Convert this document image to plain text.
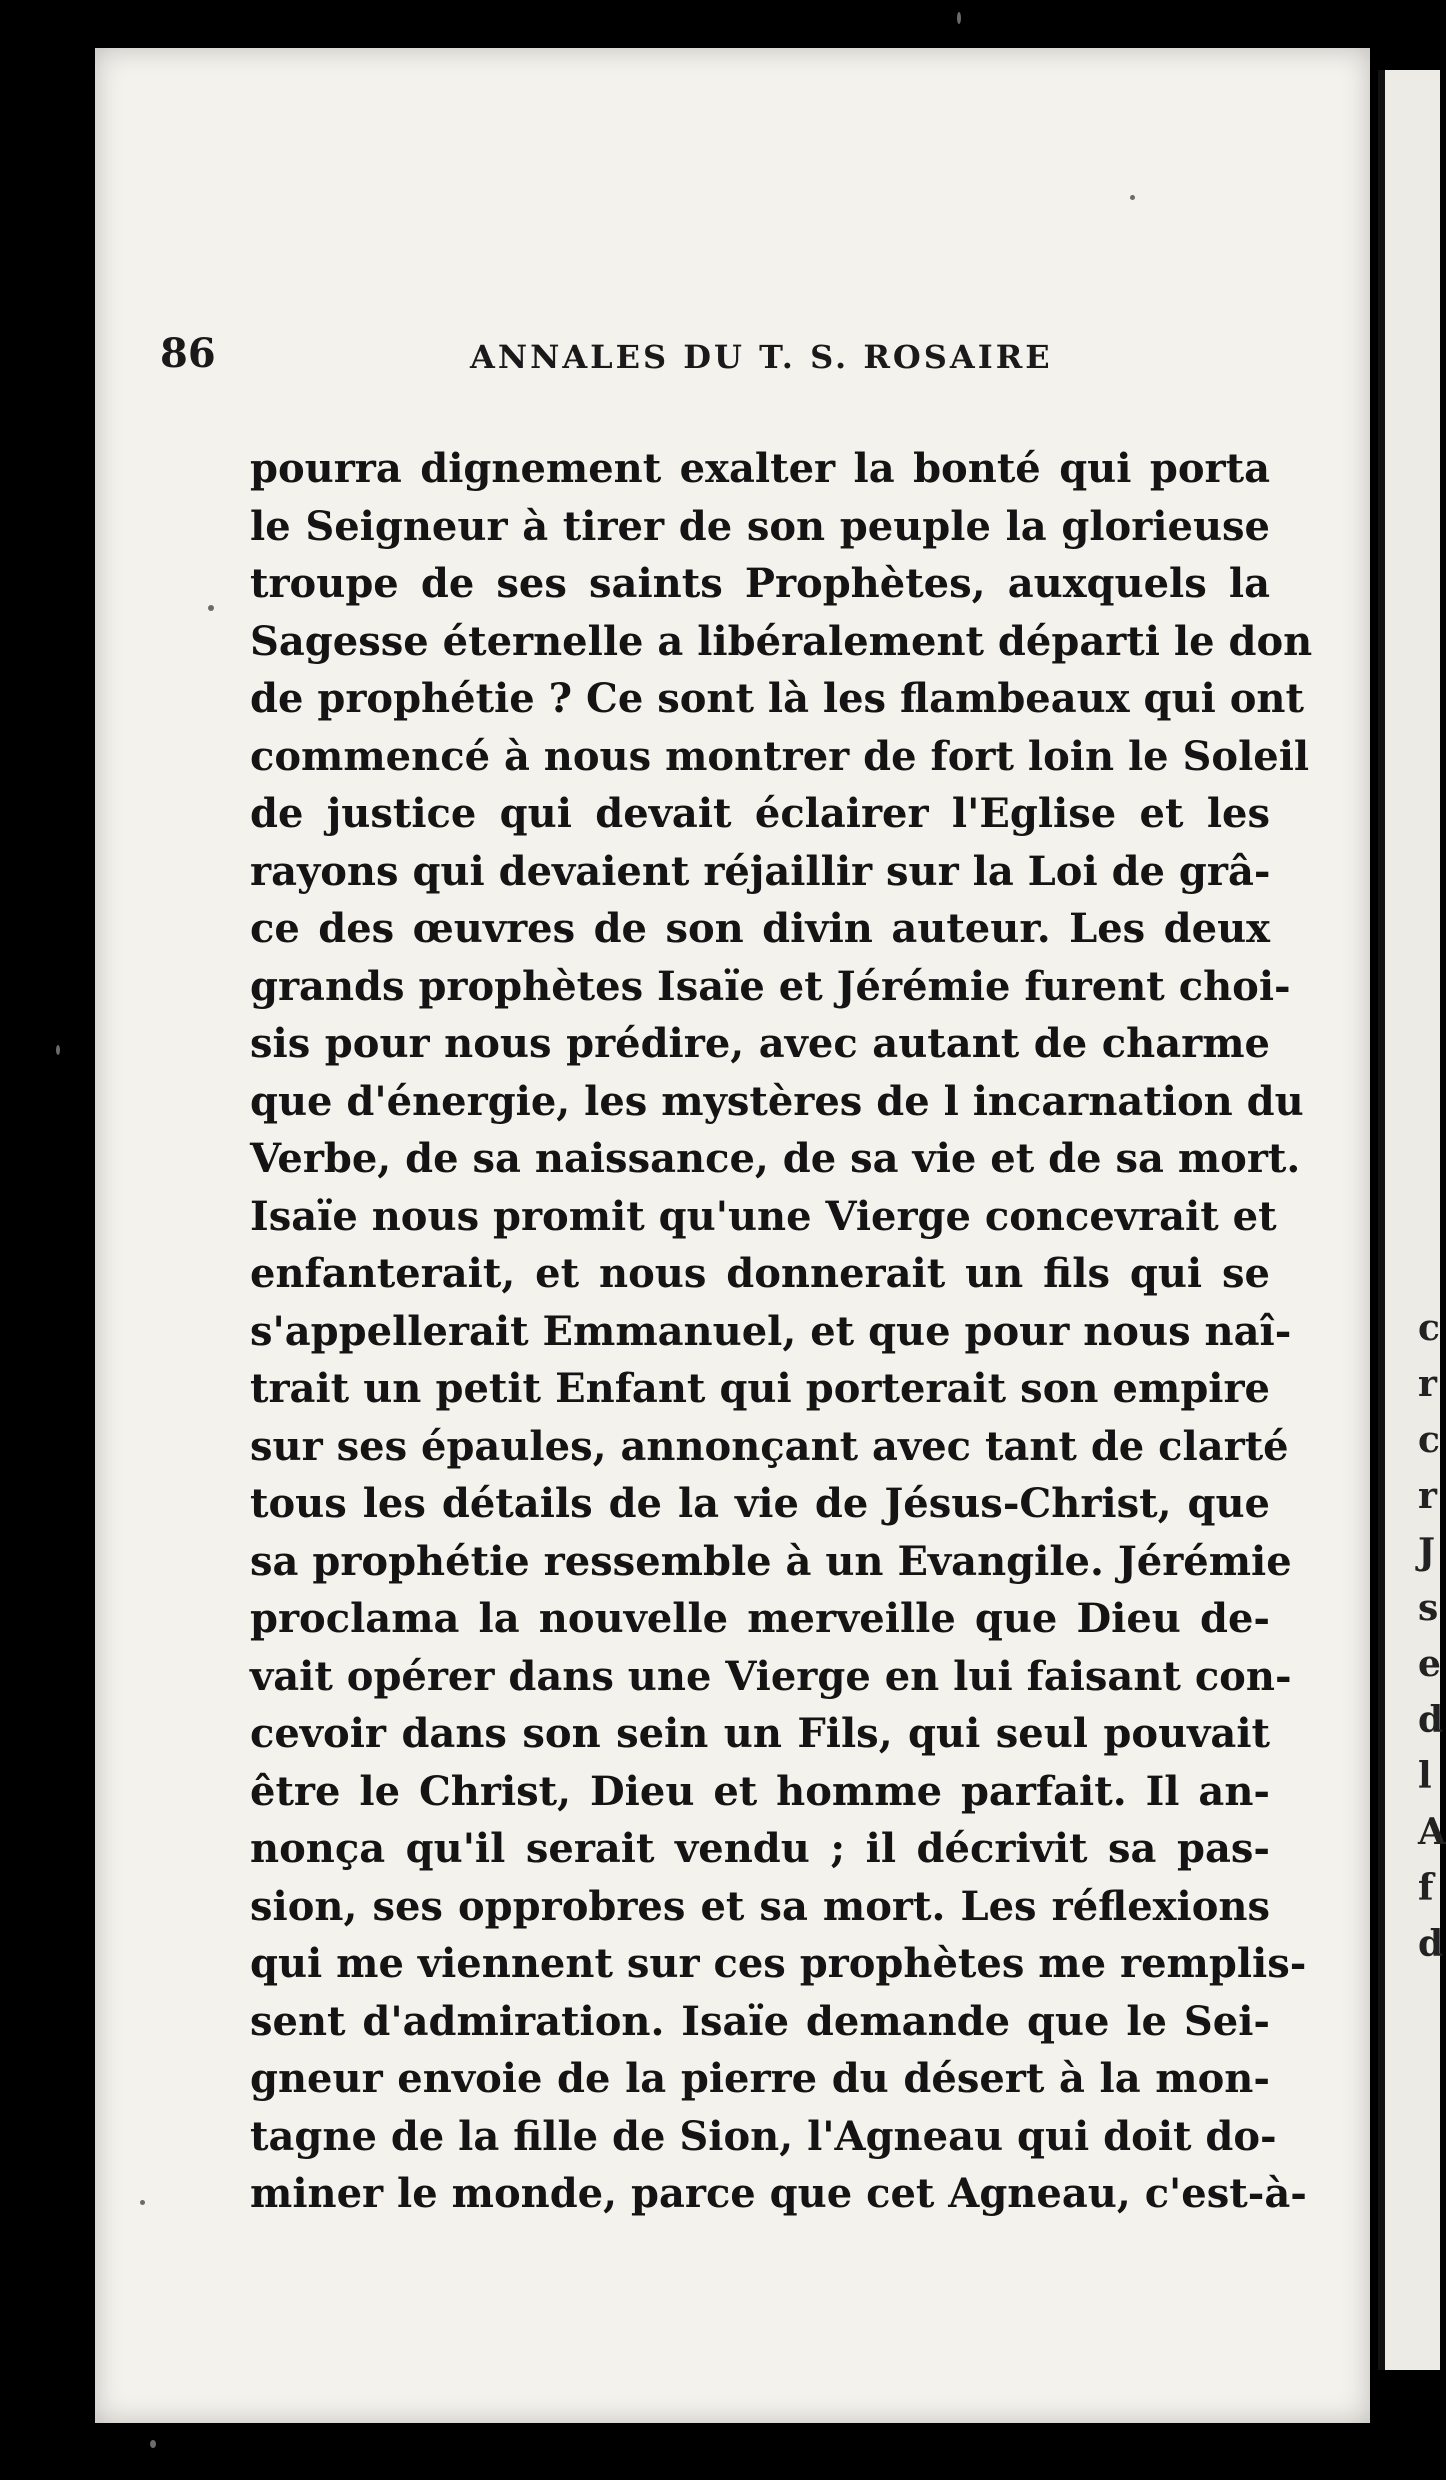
c
r
c
r
J
s
e
d
l
A
f
d
86	ANNALES DU T. S. ROSAIRE
pourra dignement exalter la bonté qui porta
le Seigneur à tirer de son peuple la glorieuse
troupe de ses saints Prophètes, auxquels la
Sagesse éternelle a libéralement départi le don
de prophétie ? Ce sont là les flambeaux qui ont
commencé à nous montrer de fort loin le Soleil
de justice qui devait éclairer l'Eglise et les
rayons qui devaient réjaillir sur la Loi de grâ-
ce des œuvres de son divin auteur. Les deux
grands prophètes Isaïe et Jérémie furent choi-
sis pour nous prédire, avec autant de charme
que d'énergie, les mystères de l incarnation du
Verbe, de sa naissance, de sa vie et de sa mort.
Isaïe nous promit qu'une Vierge concevrait et
enfanterait, et nous donnerait un fils qui se
s'appellerait Emmanuel, et que pour nous naî-
trait un petit Enfant qui porterait son empire
sur ses épaules, annonçant avec tant de clarté
tous les détails de la vie de Jésus-Christ, que
sa prophétie ressemble à un Evangile. Jérémie
proclama la nouvelle merveille que Dieu de-
vait opérer dans une Vierge en lui faisant con-
cevoir dans son sein un Fils, qui seul pouvait
être le Christ, Dieu et homme parfait. Il an-
nonça qu'il serait vendu ; il décrivit sa pas-
sion, ses opprobres et sa mort. Les réflexions
qui me viennent sur ces prophètes me remplis-
sent d'admiration. Isaïe demande que le Sei-
gneur envoie de la pierre du désert à la mon-
tagne de la fille de Sion, l'Agneau qui doit do-
miner le monde, parce que cet Agneau, c'est-à-
